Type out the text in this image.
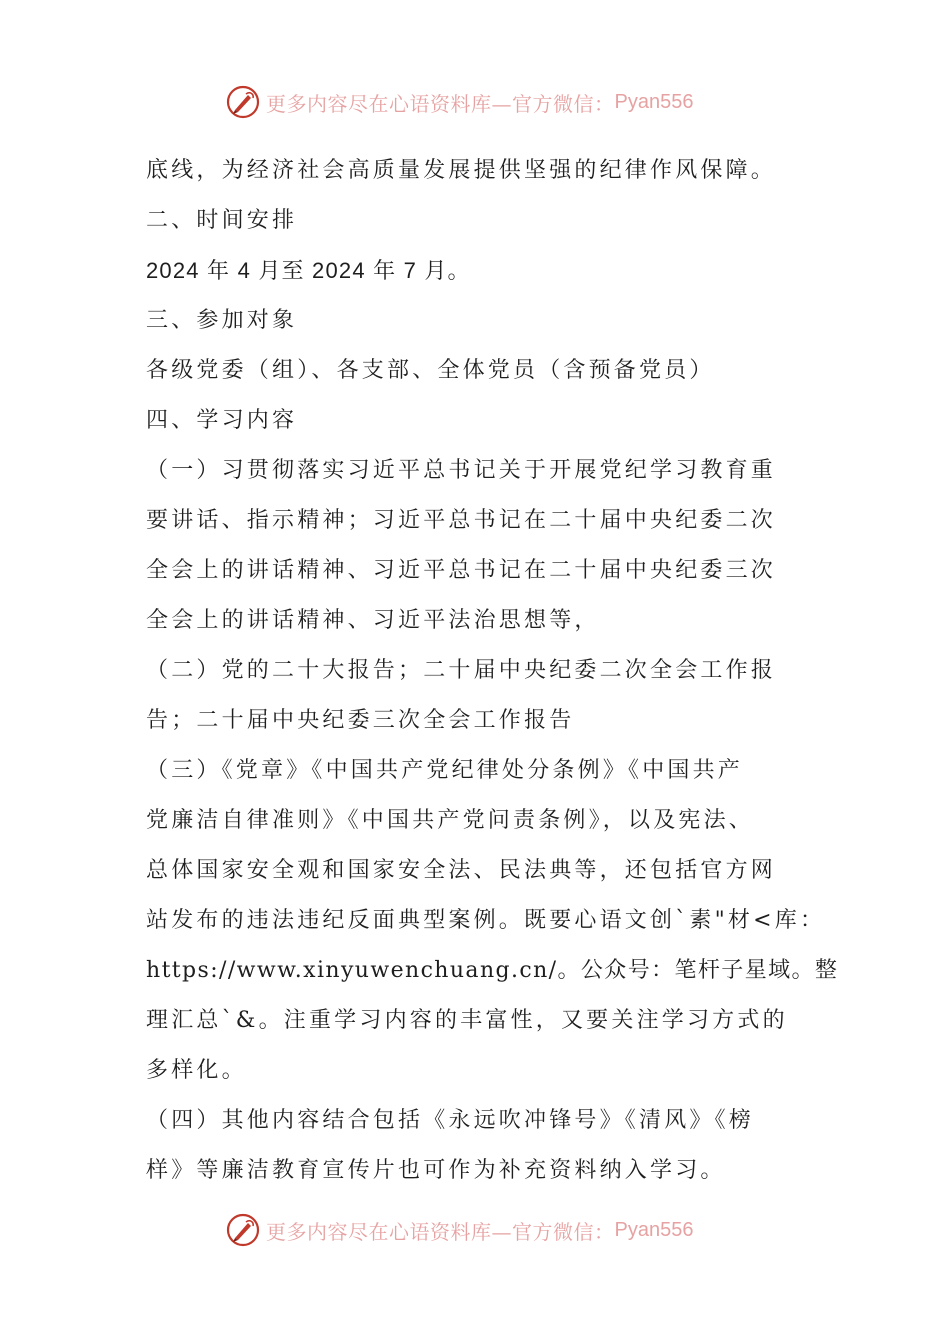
更多内容尽在心语资料库—官方微信： Pyan556
底线，为经济社会高质量发展提供坚强的纪律作风保障。
二、时间安排
2024 年 4 月至 2024 年 7 月。
三、参加对象
各级党委（组）、各支部、全体党员（含预备党员）
四、学习内容
（一）习贯彻落实习近平总书记关于开展党纪学习教育重
要讲话、指示精神；习近平总书记在二十届中央纪委二次
全会上的讲话精神、习近平总书记在二十届中央纪委三次
全会上的讲话精神、习近平法治思想等，
（二）党的二十大报告；二十届中央纪委二次全会工作报
告；二十届中央纪委三次全会工作报告
（三）《党章》《中国共产党纪律处分条例》《中国共产
党廉洁自律准则》《中国共产党问责条例》，以及宪法、
总体国家安全观和国家安全法、民法典等，还包括官方网
站发布的违法违纪反面典型案例。既要心语文创`素"材<库：
https://www.xinyuwenchuang.cn/。公众号：笔杆子星域。整
理汇总`&。注重学习内容的丰富性，又要关注学习方式的
多样化。
（四）其他内容结合包括《永远吹冲锋号》《清风》《榜
样》等廉洁教育宣传片也可作为补充资料纳入学习。
更多内容尽在心语资料库—官方微信： Pyan556
